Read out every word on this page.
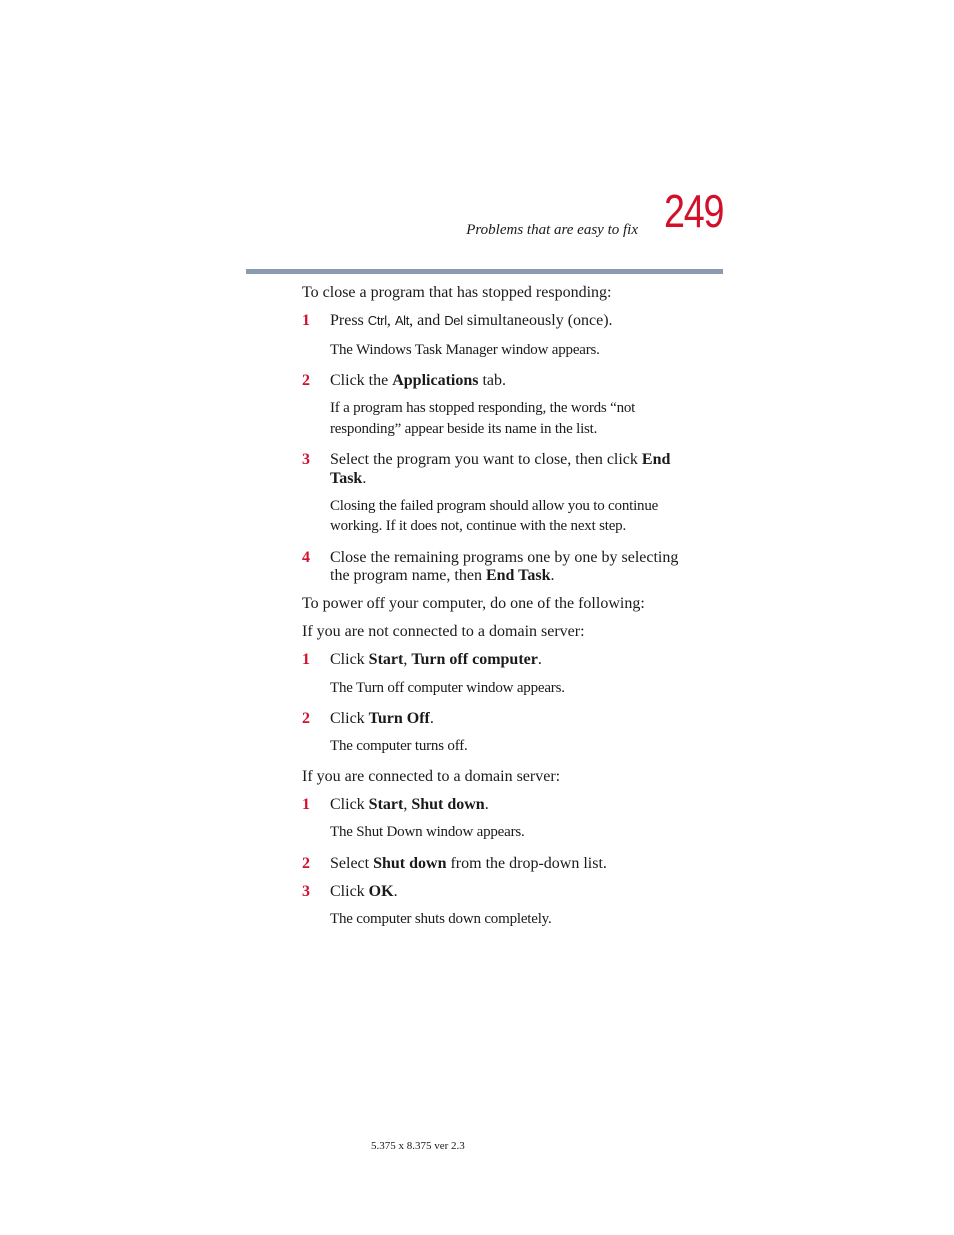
Problems that are easy to fix 249
To close a program that has stopped responding:
1 Press Ctrl, Alt, and Del simultaneously (once).
The Windows Task Manager window appears.
2 Click the Applications tab.
If a program has stopped responding, the words “not
responding” appear beside its name in the list.
3 Select the program you want to close, then click End
Task.
Closing the failed program should allow you to continue
working. If it does not, continue with the next step.
4 Close the remaining programs one by one by selecting
the program name, then End Task.
To power off your computer, do one of the following:
If you are not connected to a domain server:
1 Click Start, Turn off computer.
The Turn off computer window appears.
2 Click Turn Off.
The computer turns off.
If you are connected to a domain server:
1 Click Start, Shut down.
The Shut Down window appears.
2 Select Shut down from the drop-down list.
3 Click OK.
The computer shuts down completely.
5.375 x 8.375 ver 2.3
